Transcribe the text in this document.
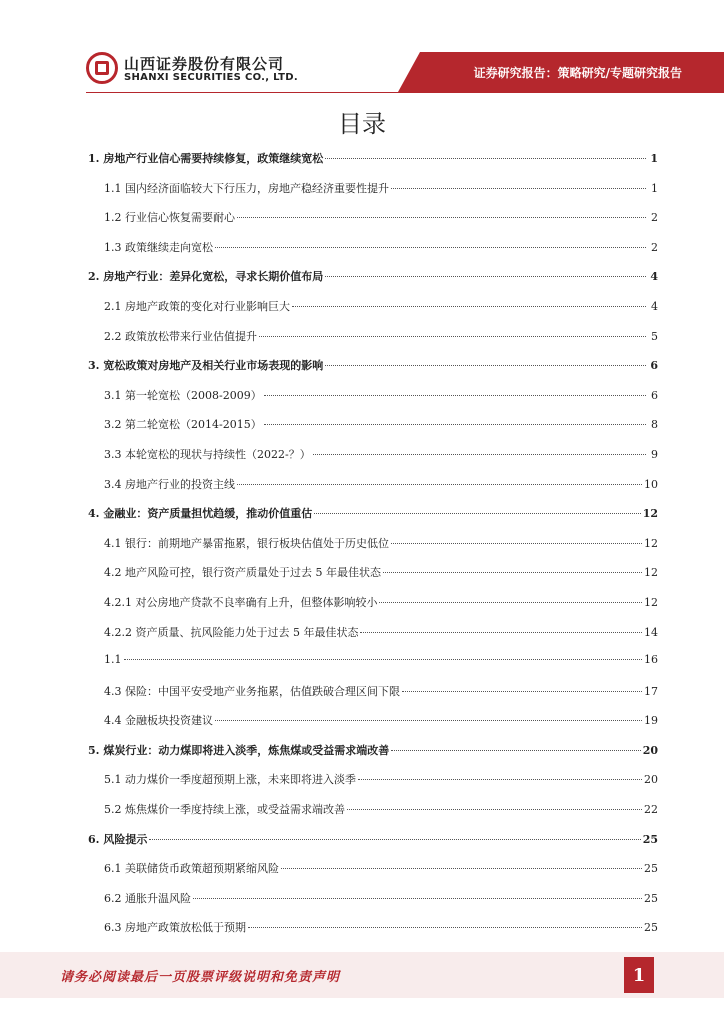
山西证券股份有限公司
SHANXI SECURITIES CO., LTD.	证券研究报告：策略研究/专题研究报告
目录
1. 房地产行业信心需要持续修复，政策继续宽松	1
1.1 国内经济面临较大下行压力，房地产稳经济重要性提升	1
1.2 行业信心恢复需要耐心	2
1.3 政策继续走向宽松	2
2. 房地产行业：差异化宽松，寻求长期价值布局	4
2.1 房地产政策的变化对行业影响巨大	4
2.2 政策放松带来行业估值提升	5
3. 宽松政策对房地产及相关行业市场表现的影响	6
3.1 第一轮宽松（2008-2009）	6
3.2 第二轮宽松（2014-2015）	8
3.3 本轮宽松的现状与持续性（2022-？）	9
3.4 房地产行业的投资主线	10
4. 金融业：资产质量担忧趋缓，推动价值重估	12
4.1 银行：前期地产暴雷拖累，银行板块估值处于历史低位	12
4.2 地产风险可控，银行资产质量处于过去 5 年最佳状态	12
4.2.1 对公房地产贷款不良率确有上升，但整体影响较小	12
4.2.2 资产质量、抗风险能力处于过去 5 年最佳状态	14
1.1	16
4.3 保险：中国平安受地产业务拖累，估值跌破合理区间下限	17
4.4 金融板块投资建议	19
5. 煤炭行业：动力煤即将进入淡季，炼焦煤或受益需求端改善	20
5.1 动力煤价一季度超预期上涨，未来即将进入淡季	20
5.2 炼焦煤价一季度持续上涨，或受益需求端改善	22
6. 风险提示	25
6.1 美联储货币政策超预期紧缩风险	25
6.2 通胀升温风险	25
6.3 房地产政策放松低于预期	25
请务必阅读最后一页股票评级说明和免责声明	1
